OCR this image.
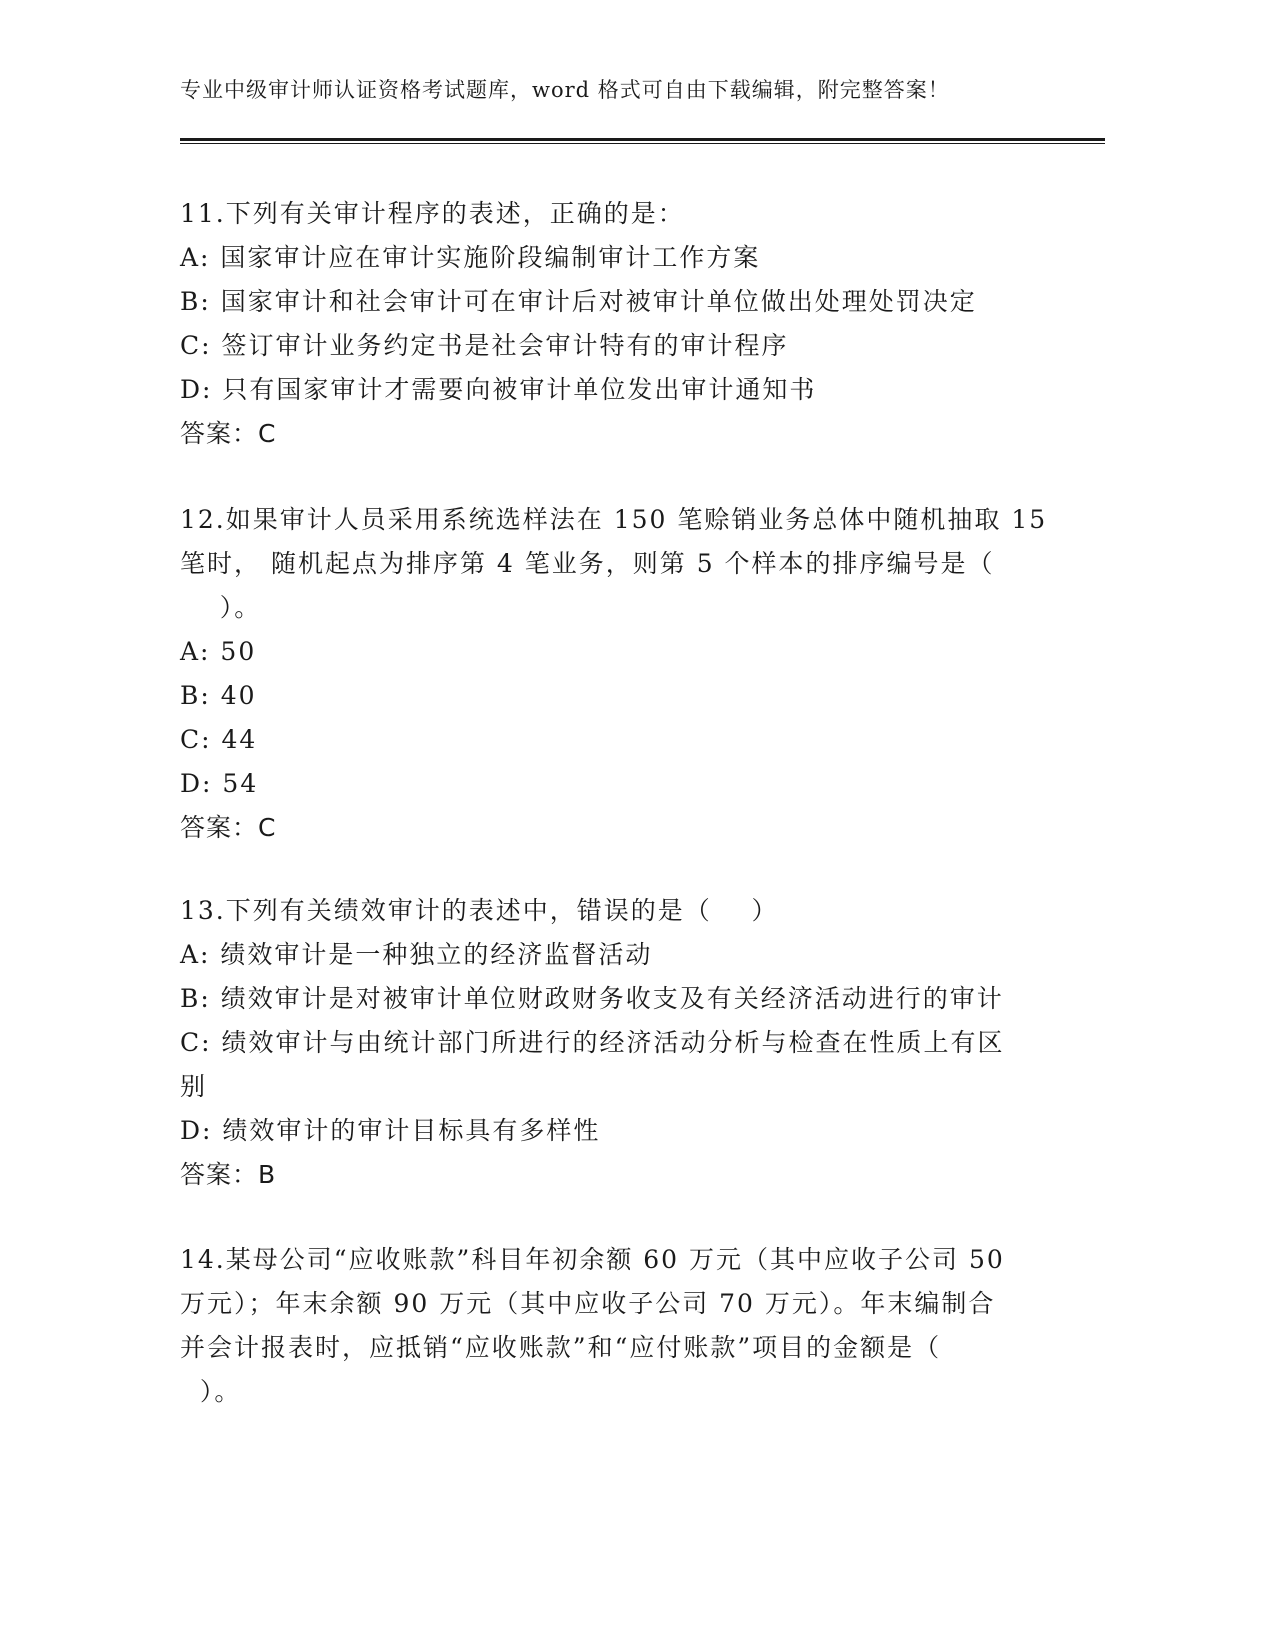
专业中级审计师认证资格考试题库，word 格式可自由下载编辑，附完整答案！
11.下列有关审计程序的表述，正确的是：
A: 国家审计应在审计实施阶段编制审计工作方案
B: 国家审计和社会审计可在审计后对被审计单位做出处理处罚决定
C: 签订审计业务约定书是社会审计特有的审计程序
D: 只有国家审计才需要向被审计单位发出审计通知书
答案：C
12.如果审计人员采用系统选样法在 150 笔赊销业务总体中随机抽取 15
笔时， 随机起点为排序第 4 笔业务，则第 5 个样本的排序编号是（
）。
A: 50
B: 40
C: 44
D: 54
答案：C
13.下列有关绩效审计的表述中，错误的是（    ）
A: 绩效审计是一种独立的经济监督活动
B: 绩效审计是对被审计单位财政财务收支及有关经济活动进行的审计
C: 绩效审计与由统计部门所进行的经济活动分析与检查在性质上有区
别
D: 绩效审计的审计目标具有多样性
答案：B
14.某母公司“应收账款”科目年初余额 60 万元（其中应收子公司 50
万元）；年末余额 90 万元（其中应收子公司 70 万元）。年末编制合
并会计报表时，应抵销“应收账款”和“应付账款”项目的金额是（
）。
